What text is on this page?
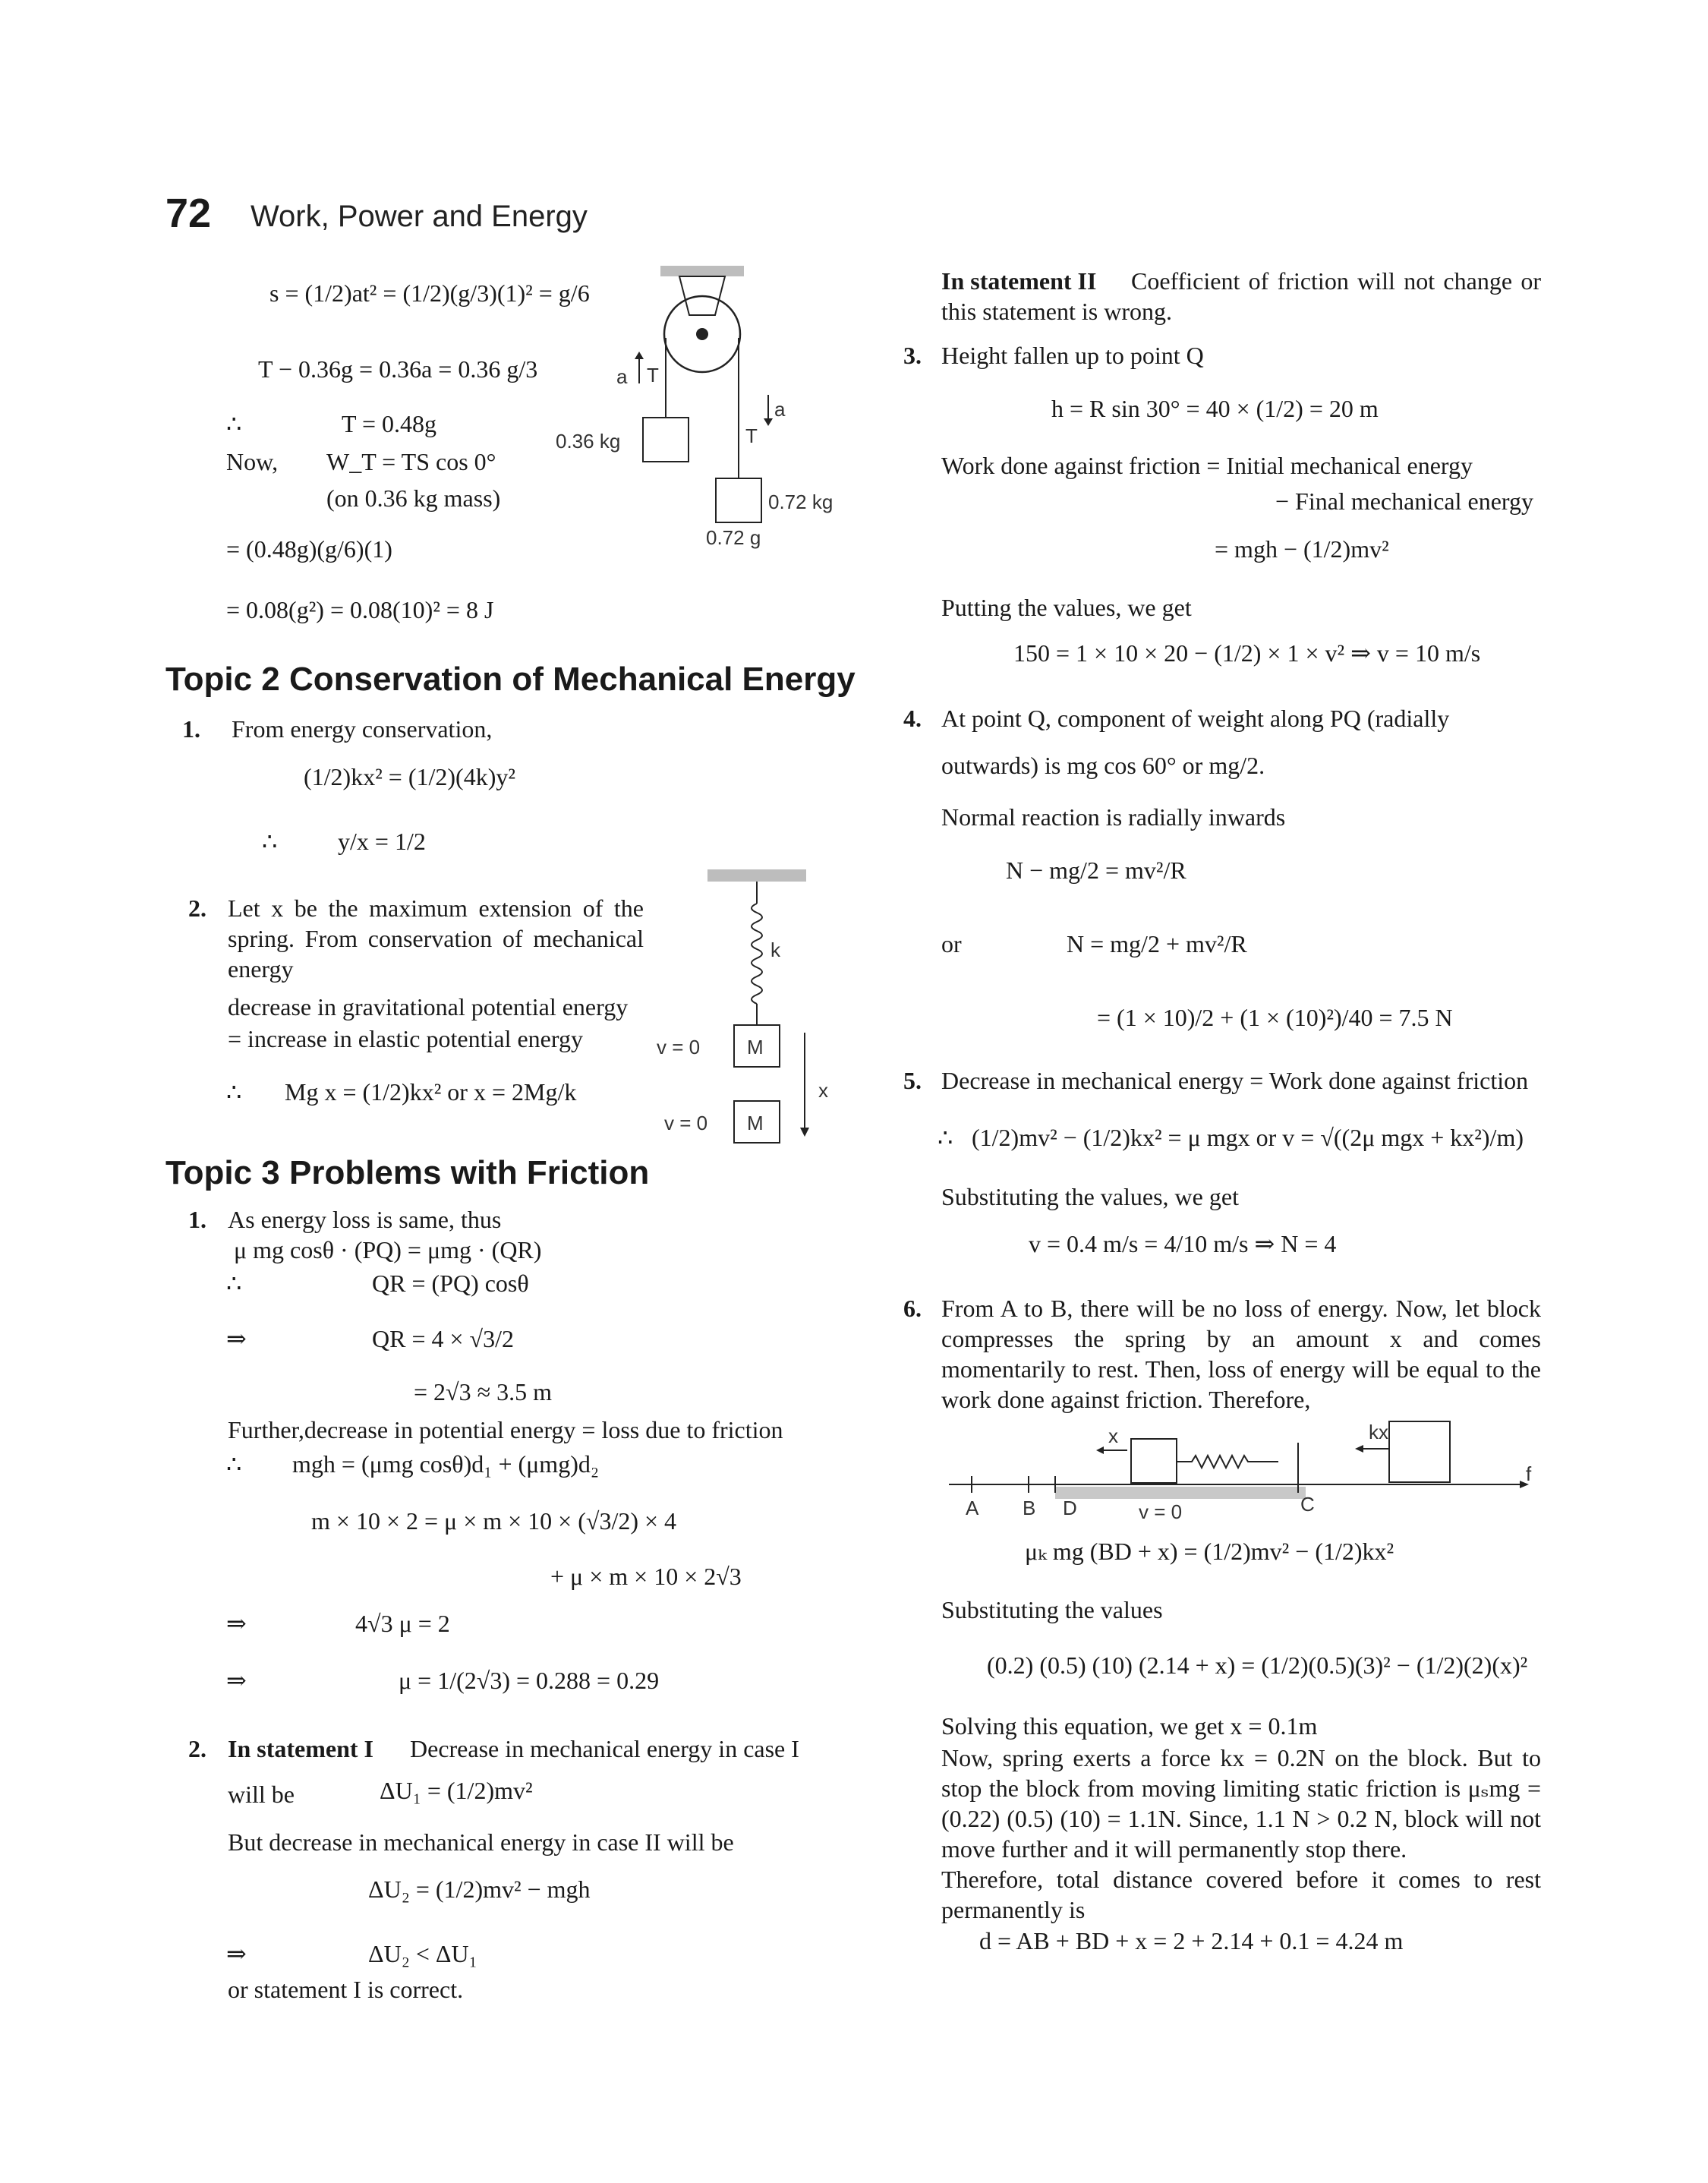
72 Work, Power and Energy
s = (1/2)at² = (1/2)(g/3)(1)² = g/6
T − 0.36g = 0.36a = 0.36 g/3
∴	T = 0.48g
Now, W_T = TS cos 0°
(on 0.36 kg mass)
= (0.48g)(g/6)(1)
= 0.08(g²) = 0.08(10)² = 8 J
a T
a
T
0.36 kg
0.72 kg
0.72 g
Topic 2 Conservation of Mechanical Energy
1. From energy conservation,
(1/2)kx² = (1/2)(4k)y²
∴ y/x = 1/2
2. Let x be the maximum extension of the spring. From conservation of mechanical energy
decrease in gravitational potential energy
= increase in elastic potential energy
∴ Mg x = (1/2)kx² or x = 2Mg/k
k
M
v = 0
M
v = 0
x
Topic 3 Problems with Friction
1. As energy loss is same, thus
μ mg cosθ · (PQ) = μmg · (QR)
∴	QR = (PQ) cosθ
⇒	QR = 4 × √3/2
= 2√3 ≈ 3.5 m
Further,decrease in potential energy = loss due to friction
∴ mgh = (μmg cosθ)d₁ + (μmg)d₂
m × 10 × 2 = μ × m × 10 × (√3/2) × 4
+ μ × m × 10 × 2√3
⇒	4√3 μ = 2
⇒	μ = 1/(2√3) = 0.288 = 0.29
2. In statement I Decrease in mechanical energy in case I
will be	ΔU₁ = (1/2)mv²
But decrease in mechanical energy in case II will be
ΔU₂ = (1/2)mv² − mgh
⇒	ΔU₂ < ΔU₁
or statement I is correct.
In statement II	Coefficient of friction will not change or this statement is wrong.
3. Height fallen up to point Q
h = R sin 30° = 40 × (1/2) = 20 m
Work done against friction = Initial mechanical energy
− Final mechanical energy
= mgh − (1/2)mv²
Putting the values, we get
150 = 1 × 10 × 20 − (1/2) × 1 × v² ⇒ v = 10 m/s
4. At point Q, component of weight along PQ (radially
outwards) is mg cos 60° or mg/2.
Normal reaction is radially inwards
N − mg/2 = mv²/R
or	N = mg/2 + mv²/R
= (1 × 10)/2 + (1 × (10)²)/40 = 7.5 N
5. Decrease in mechanical energy = Work done against friction
∴ (1/2)mv² − (1/2)kx² = μ mgx or v = √((2μ mgx + kx²)/m)
Substituting the values, we get
v = 0.4 m/s = 4/10 m/s ⇒ N = 4
6. From A to B, there will be no loss of energy. Now, let block compresses the spring by an amount x and comes momentarily to rest. Then, loss of energy will be equal to the work done against friction. Therefore,
x	kx
f
A B D	v = 0	C
μₖ mg (BD + x) = (1/2)mv² − (1/2)kx²
Substituting the values
(0.2) (0.5) (10) (2.14 + x) = (1/2)(0.5)(3)² − (1/2)(2)(x)²
Solving this equation, we get x = 0.1m
Now, spring exerts a force kx = 0.2N on the block. But to stop the block from moving limiting static friction is μₛmg = (0.22) (0.5) (10) = 1.1N. Since, 1.1 N > 0.2 N, block will not move further and it will permanently stop there.
Therefore, total distance covered before it comes to rest permanently is
d = AB + BD + x = 2 + 2.14 + 0.1 = 4.24 m
